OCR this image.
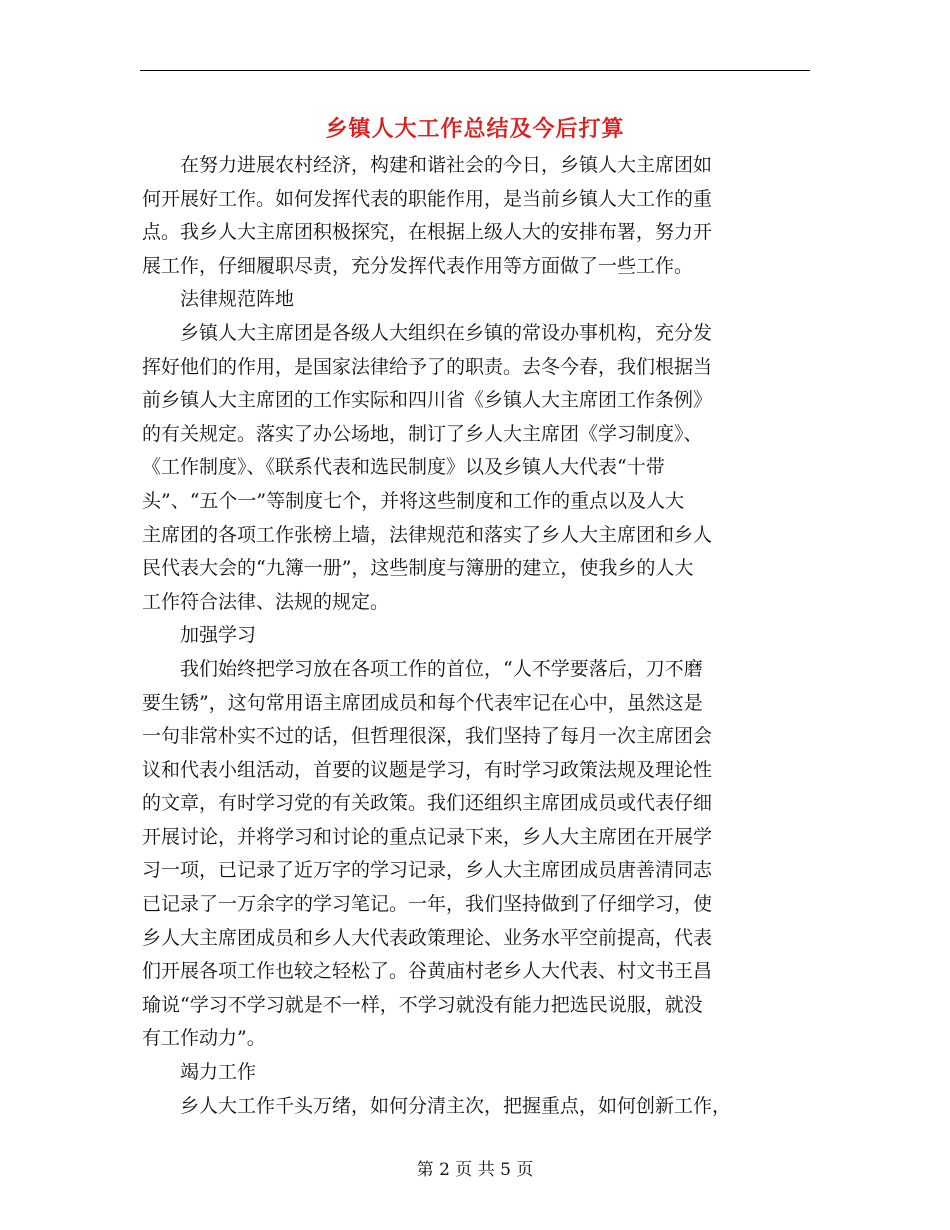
乡镇人大工作总结及今后打算
　　在努力进展农村经济，构建和谐社会的今日，乡镇人大主席团如
何开展好工作。如何发挥代表的职能作用，是当前乡镇人大工作的重
点。我乡人大主席团积极探究，在根据上级人大的安排布署，努力开
展工作，仔细履职尽责，充分发挥代表作用等方面做了一些工作。
　　法律规范阵地
　　乡镇人大主席团是各级人大组织在乡镇的常设办事机构，充分发
挥好他们的作用，是国家法律给予了的职责。去冬今春，我们根据当
前乡镇人大主席团的工作实际和四川省《乡镇人大主席团工作条例》
的有关规定。落实了办公场地，制订了乡人大主席团《学习制度》、
《工作制度》、《联系代表和选民制度》以及乡镇人大代表“十带
头”、“五个一”等制度七个，并将这些制度和工作的重点以及人大
主席团的各项工作张榜上墙，法律规范和落实了乡人大主席团和乡人
民代表大会的“九簿一册”，这些制度与簿册的建立，使我乡的人大
工作符合法律、法规的规定。
　　加强学习
　　我们始终把学习放在各项工作的首位，“人不学要落后，刀不磨
要生锈”，这句常用语主席团成员和每个代表牢记在心中，虽然这是
一句非常朴实不过的话，但哲理很深，我们坚持了每月一次主席团会
议和代表小组活动，首要的议题是学习，有时学习政策法规及理论性
的文章，有时学习党的有关政策。我们还组织主席团成员或代表仔细
开展讨论，并将学习和讨论的重点记录下来，乡人大主席团在开展学
习一项，已记录了近万字的学习记录，乡人大主席团成员唐善清同志
已记录了一万余字的学习笔记。一年，我们坚持做到了仔细学习，使
乡人大主席团成员和乡人大代表政策理论、业务水平空前提高，代表
们开展各项工作也较之轻松了。谷黄庙村老乡人大代表、村文书王昌
瑜说“学习不学习就是不一样，不学习就没有能力把选民说服，就没
有工作动力”。
　　竭力工作
　　乡人大工作千头万绪，如何分清主次，把握重点，如何创新工作，
第 2 页 共 5 页
